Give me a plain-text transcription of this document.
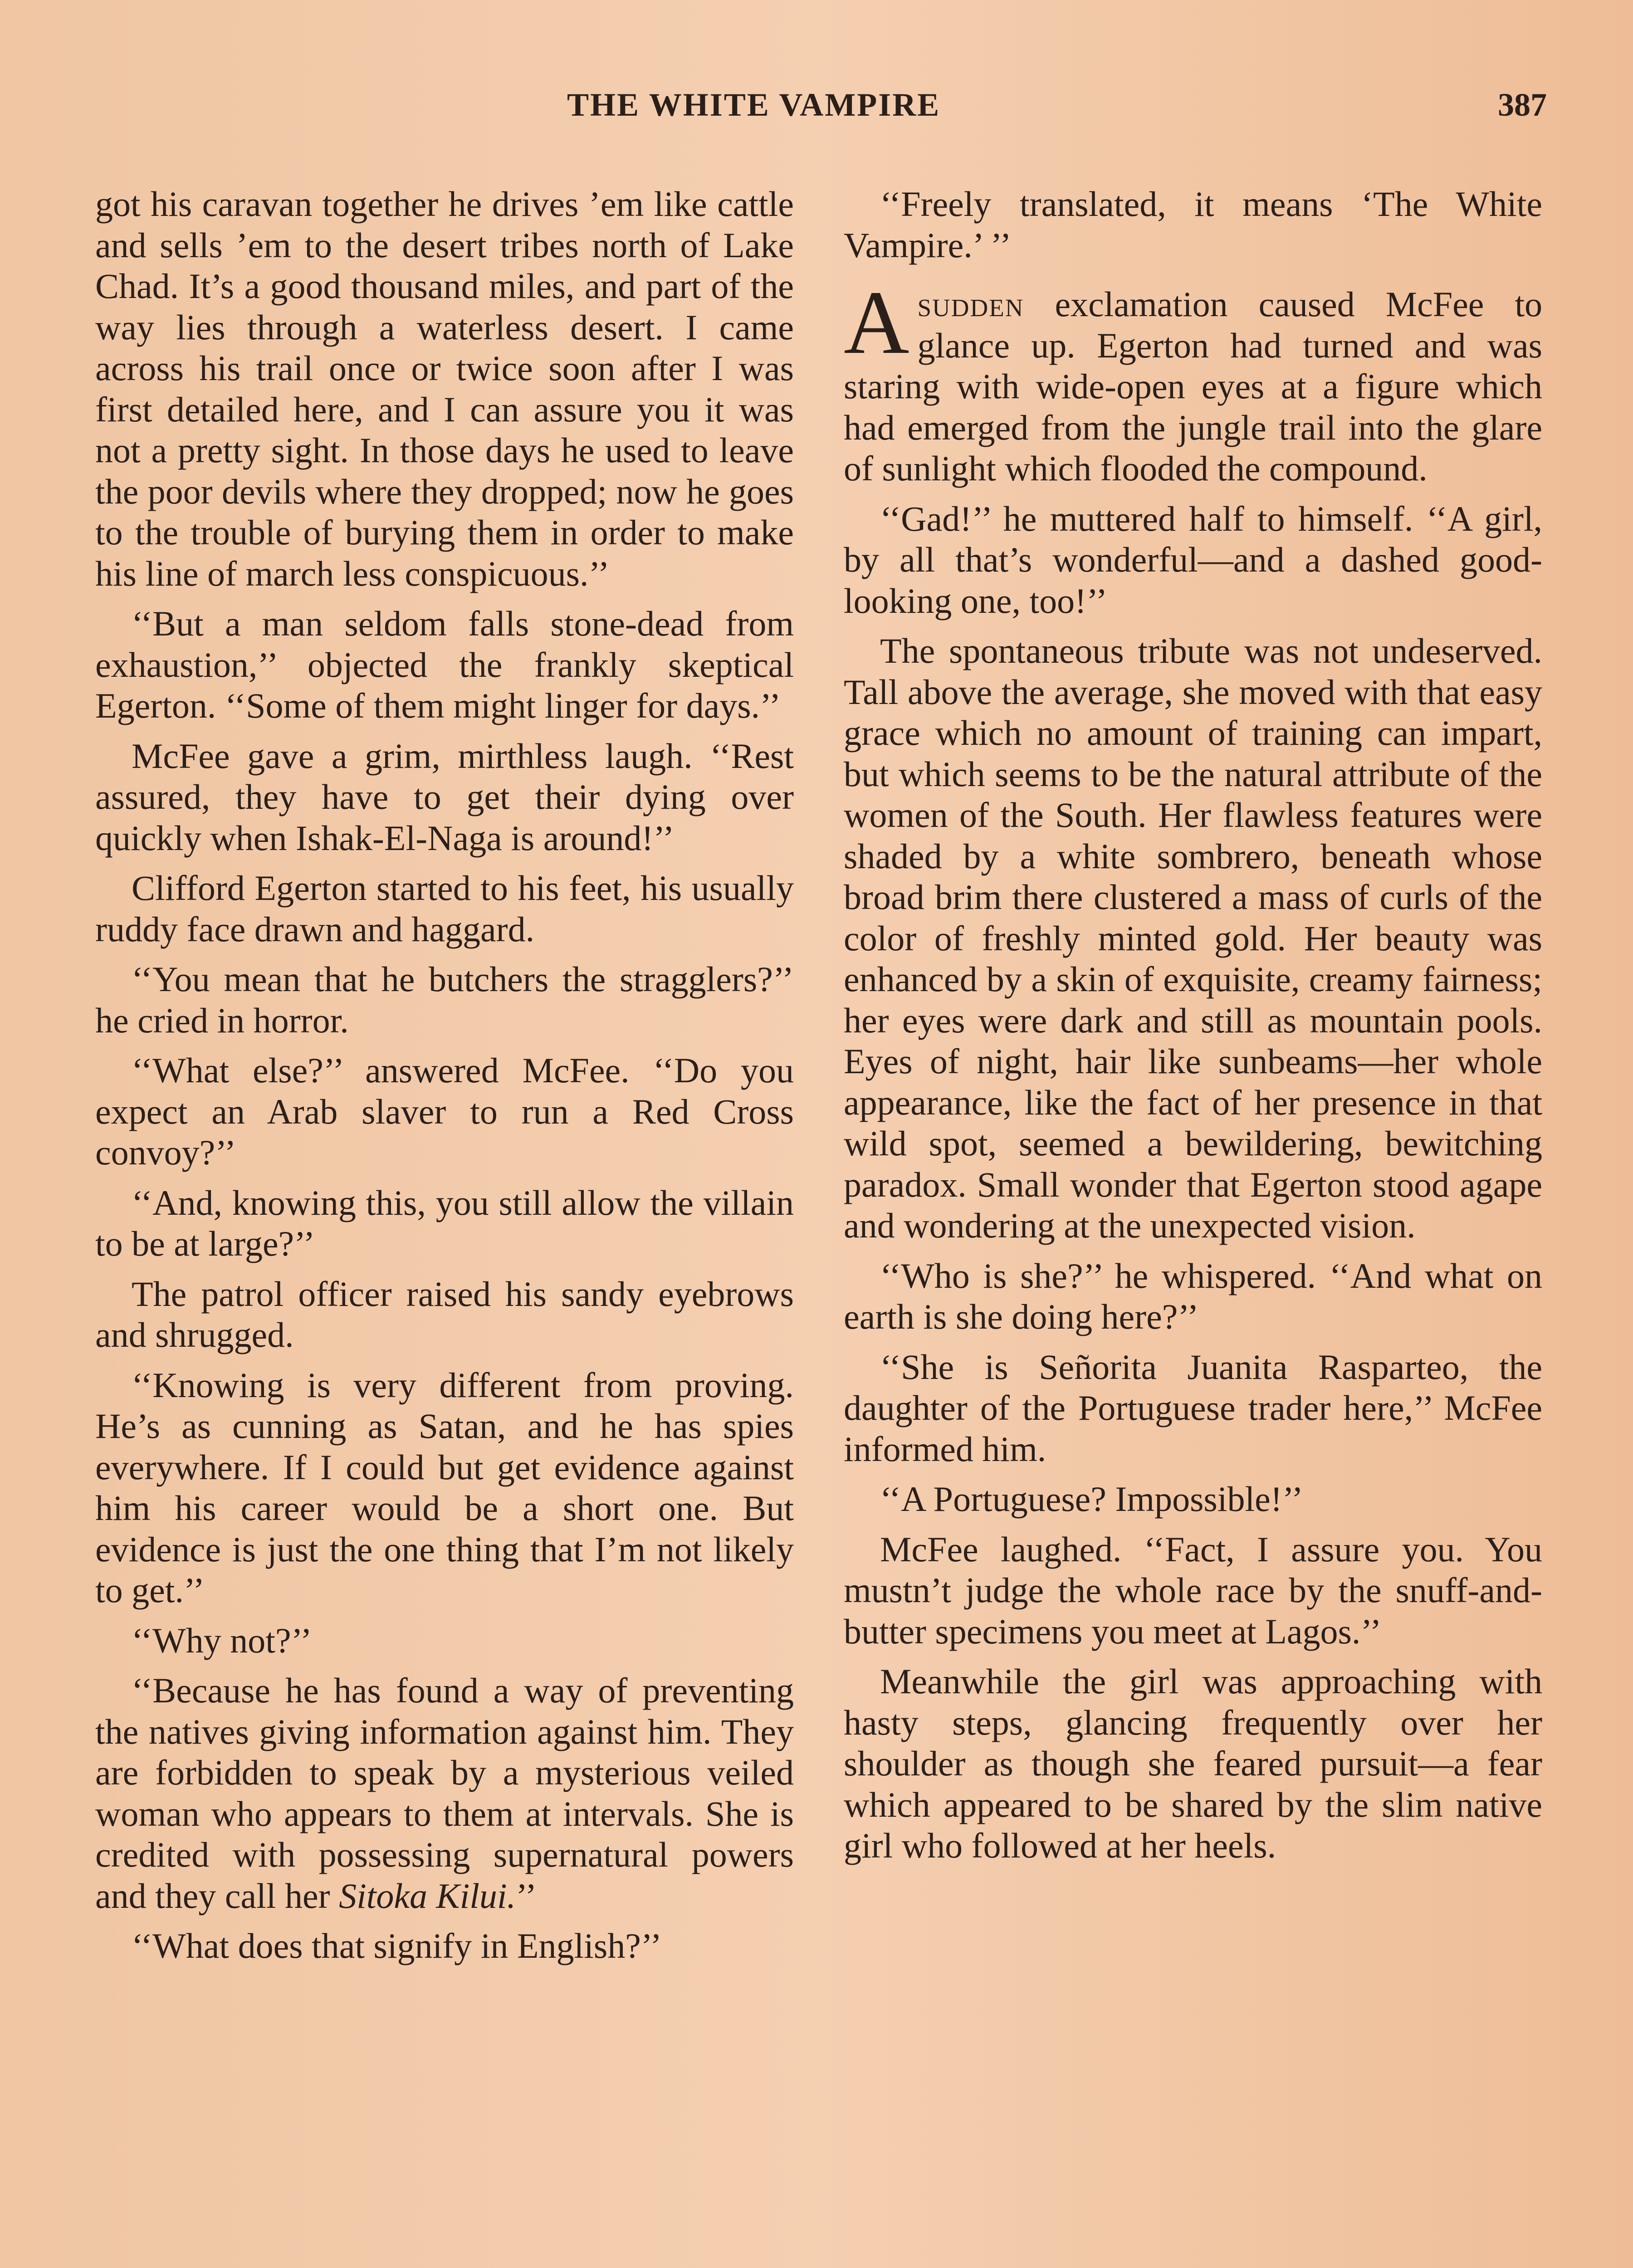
THE WHITE VAMPIRE	387

got his caravan together he drives ’em like cattle and sells ’em to the desert tribes north of Lake Chad. It’s a good thousand miles, and part of the way lies through a waterless desert. I came across his trail once or twice soon after I was first detailed here, and I can assure you it was not a pretty sight. In those days he used to leave the poor devils where they dropped; now he goes to the trouble of burying them in order to make his line of march less conspicuous.’’

‘‘But a man seldom falls stone-dead from exhaustion,’’ objected the frankly skeptical Egerton. ‘‘Some of them might linger for days.’’

McFee gave a grim, mirthless laugh. ‘‘Rest assured, they have to get their dying over quickly when Ishak-El-Naga is around!’’

Clifford Egerton started to his feet, his usually ruddy face drawn and haggard.

‘‘You mean that he butchers the stragglers?’’ he cried in horror.

‘‘What else?’’ answered McFee. ‘‘Do you expect an Arab slaver to run a Red Cross convoy?’’

‘‘And, knowing this, you still allow the villain to be at large?’’

The patrol officer raised his sandy eyebrows and shrugged.

‘‘Knowing is very different from proving. He’s as cunning as Satan, and he has spies everywhere. If I could but get evidence against him his career would be a short one. But evidence is just the one thing that I’m not likely to get.’’

‘‘Why not?’’

‘‘Because he has found a way of preventing the natives giving information against him. They are forbidden to speak by a mysterious veiled woman who appears to them at intervals. She is credited with possessing supernatural powers and they call her Sitoka Kilui.’’

‘‘What does that signify in English?’’

‘‘Freely translated, it means ‘The White Vampire.’ ’’

A sudden exclamation caused McFee to glance up. Egerton had turned and was staring with wide-open eyes at a figure which had emerged from the jungle trail into the glare of sunlight which flooded the compound.

‘‘Gad!’’ he muttered half to himself. ‘‘A girl, by all that’s wonderful—and a dashed good-looking one, too!’’

The spontaneous tribute was not undeserved. Tall above the average, she moved with that easy grace which no amount of training can impart, but which seems to be the natural attribute of the women of the South. Her flawless features were shaded by a white sombrero, beneath whose broad brim there clustered a mass of curls of the color of freshly minted gold. Her beauty was enhanced by a skin of exquisite, creamy fairness; her eyes were dark and still as mountain pools. Eyes of night, hair like sunbeams—her whole appearance, like the fact of her presence in that wild spot, seemed a bewildering, bewitching paradox. Small wonder that Egerton stood agape and wondering at the unexpected vision.

‘‘Who is she?’’ he whispered. ‘‘And what on earth is she doing here?’’

‘‘She is Señorita Juanita Rasparteo, the daughter of the Portuguese trader here,’’ McFee informed him.

‘‘A Portuguese? Impossible!’’

McFee laughed. ‘‘Fact, I assure you. You mustn’t judge the whole race by the snuff-and-butter specimens you meet at Lagos.’’

Meanwhile the girl was approaching with hasty steps, glancing frequently over her shoulder as though she feared pursuit—a fear which appeared to be shared by the slim native girl who followed at her heels.
